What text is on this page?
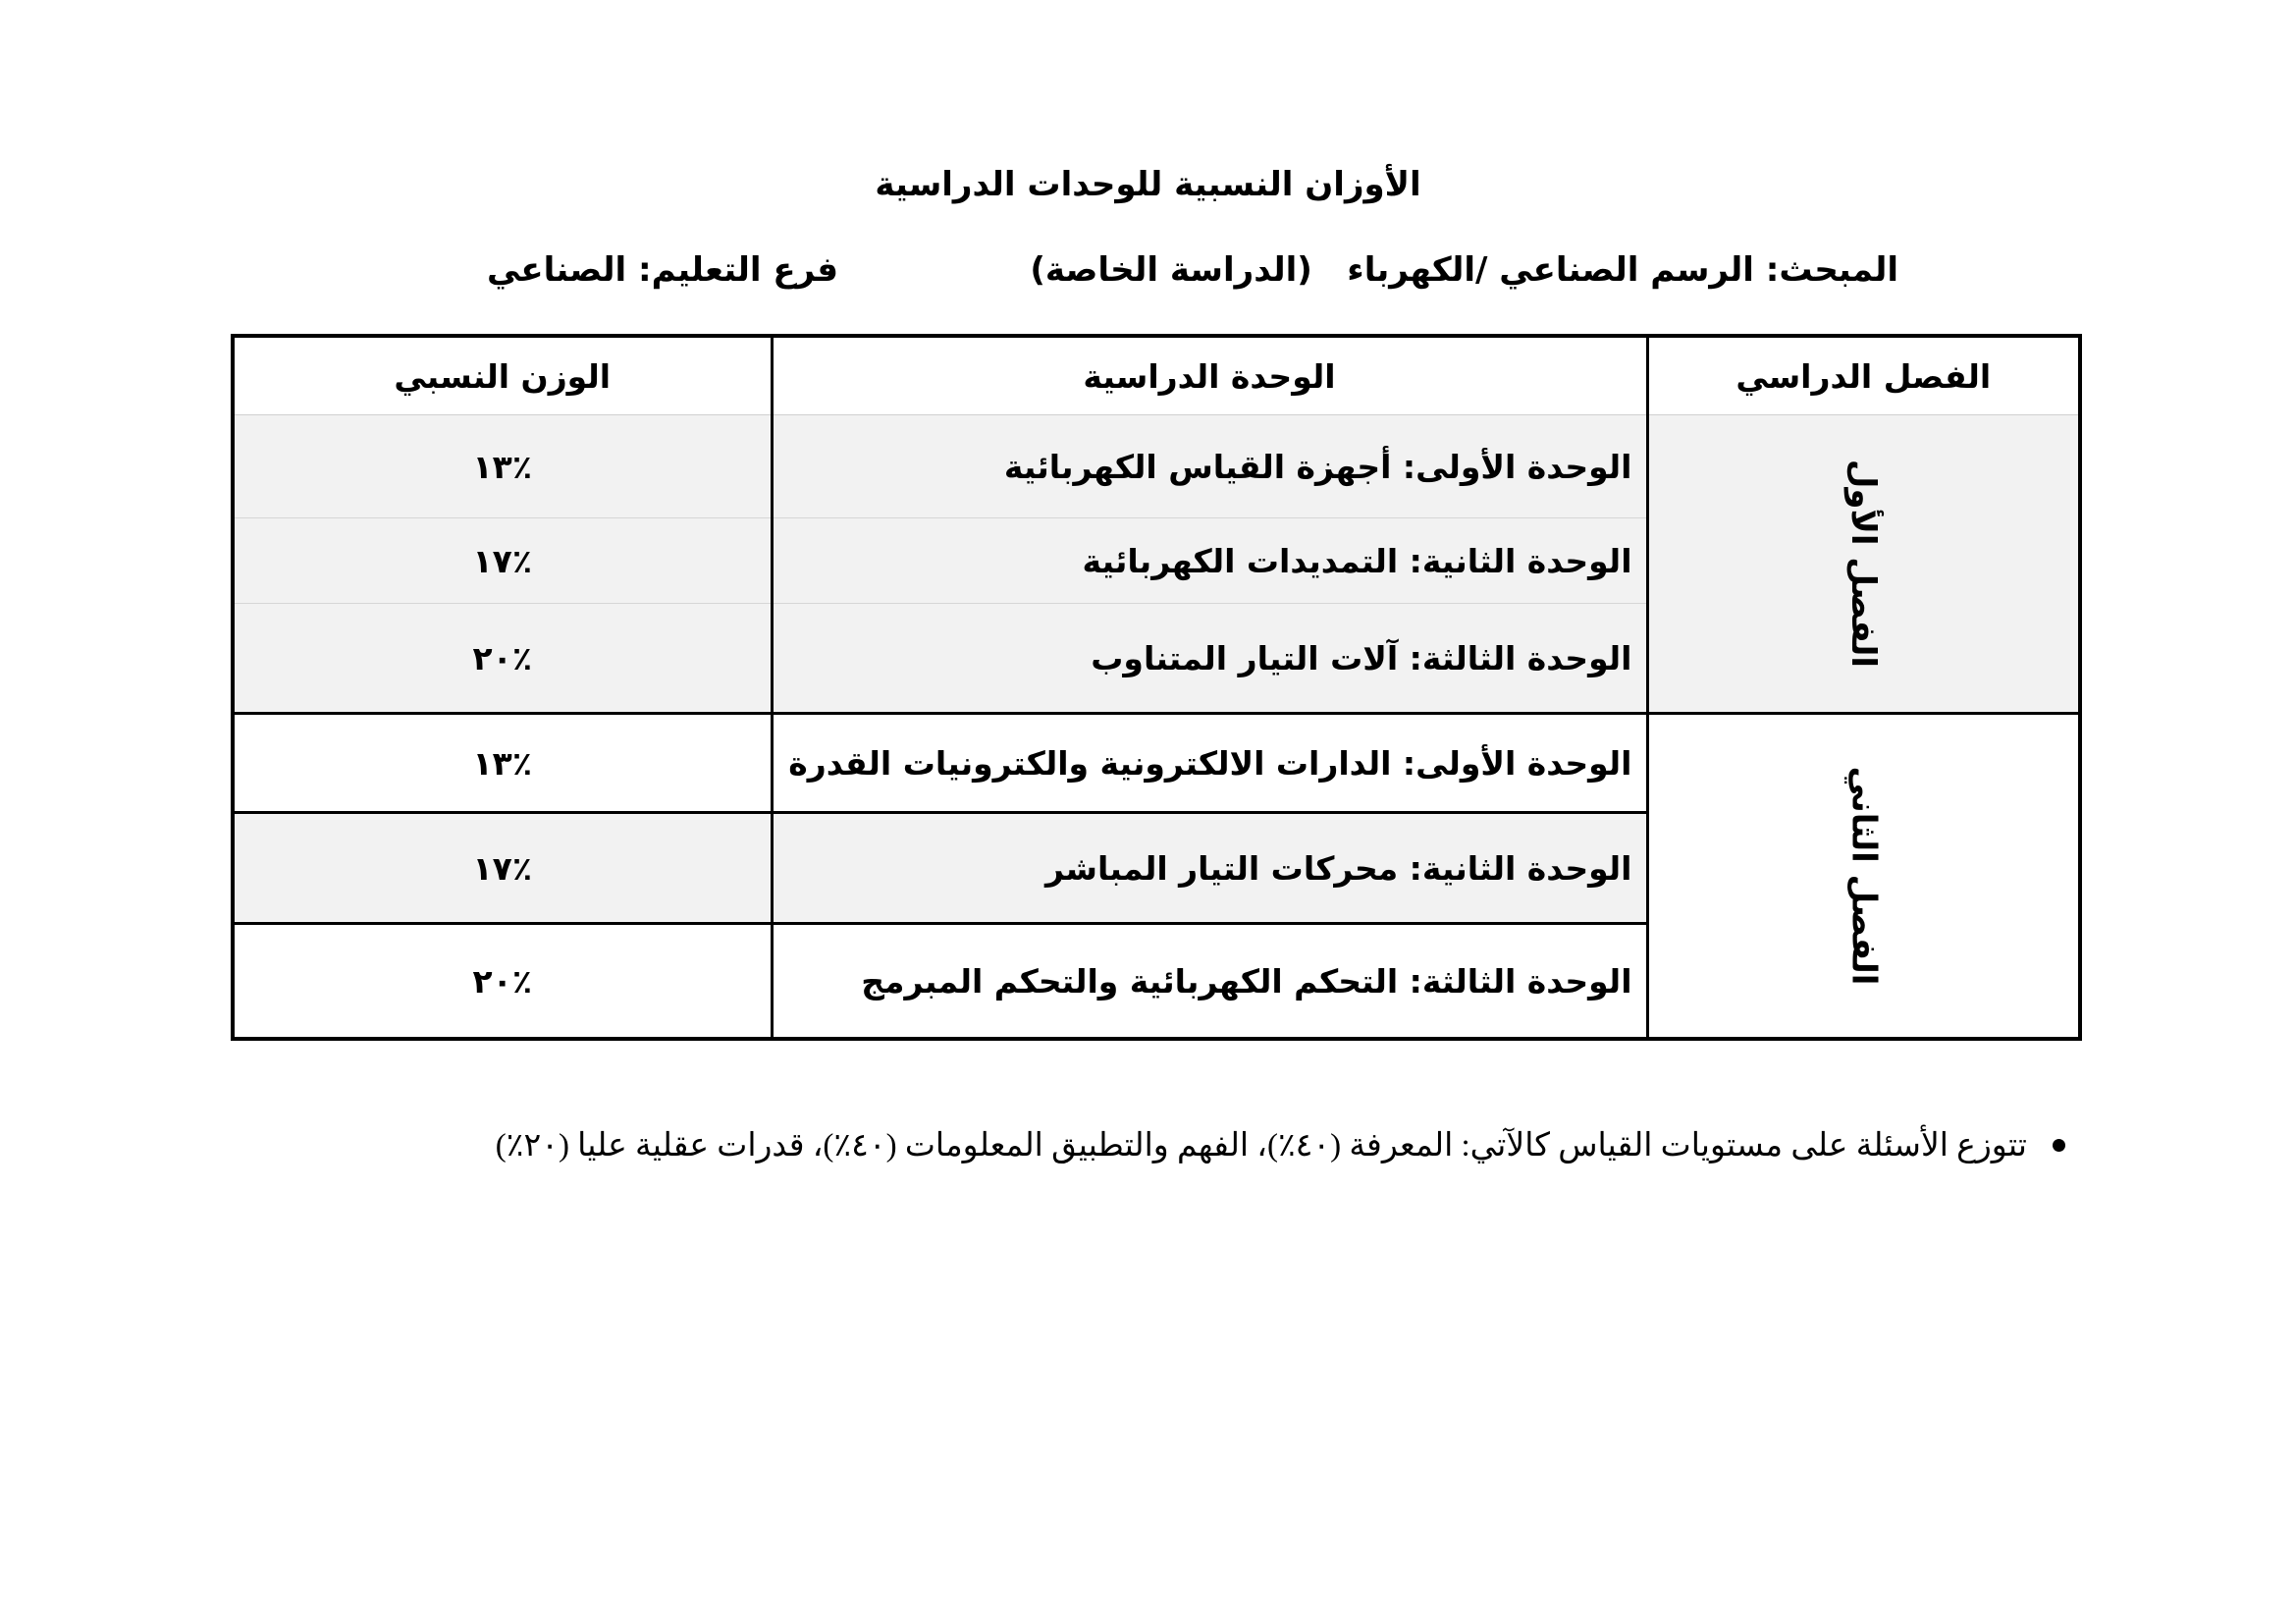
الأوزان النسبية للوحدات الدراسية
المبحث: الرسم الصناعي /الكهرباء   (الدراسة الخاصة)
فرع التعليم: الصناعي
الفصل الدراسي	الوحدة الدراسية	الوزن النسبي
الفصل الأول	الوحدة الأولى: أجهزة القياس الكهربائية	٪١٣
	الوحدة الثانية: التمديدات الكهربائية	٪١٧
	الوحدة الثالثة: آلات التيار المتناوب	٪٢٠
الفصل الثاني	الوحدة الأولى: الدارات الالكترونية والكترونيات القدرة	٪١٣
	الوحدة الثانية: محركات التيار المباشر	٪١٧
	الوحدة الثالثة: التحكم الكهربائية والتحكم المبرمج	٪٢٠
تتوزع الأسئلة على مستويات القياس كالآتي: المعرفة (٤٠٪)، الفهم والتطبيق المعلومات (٤٠٪)، قدرات عقلية عليا (٢٠٪)
